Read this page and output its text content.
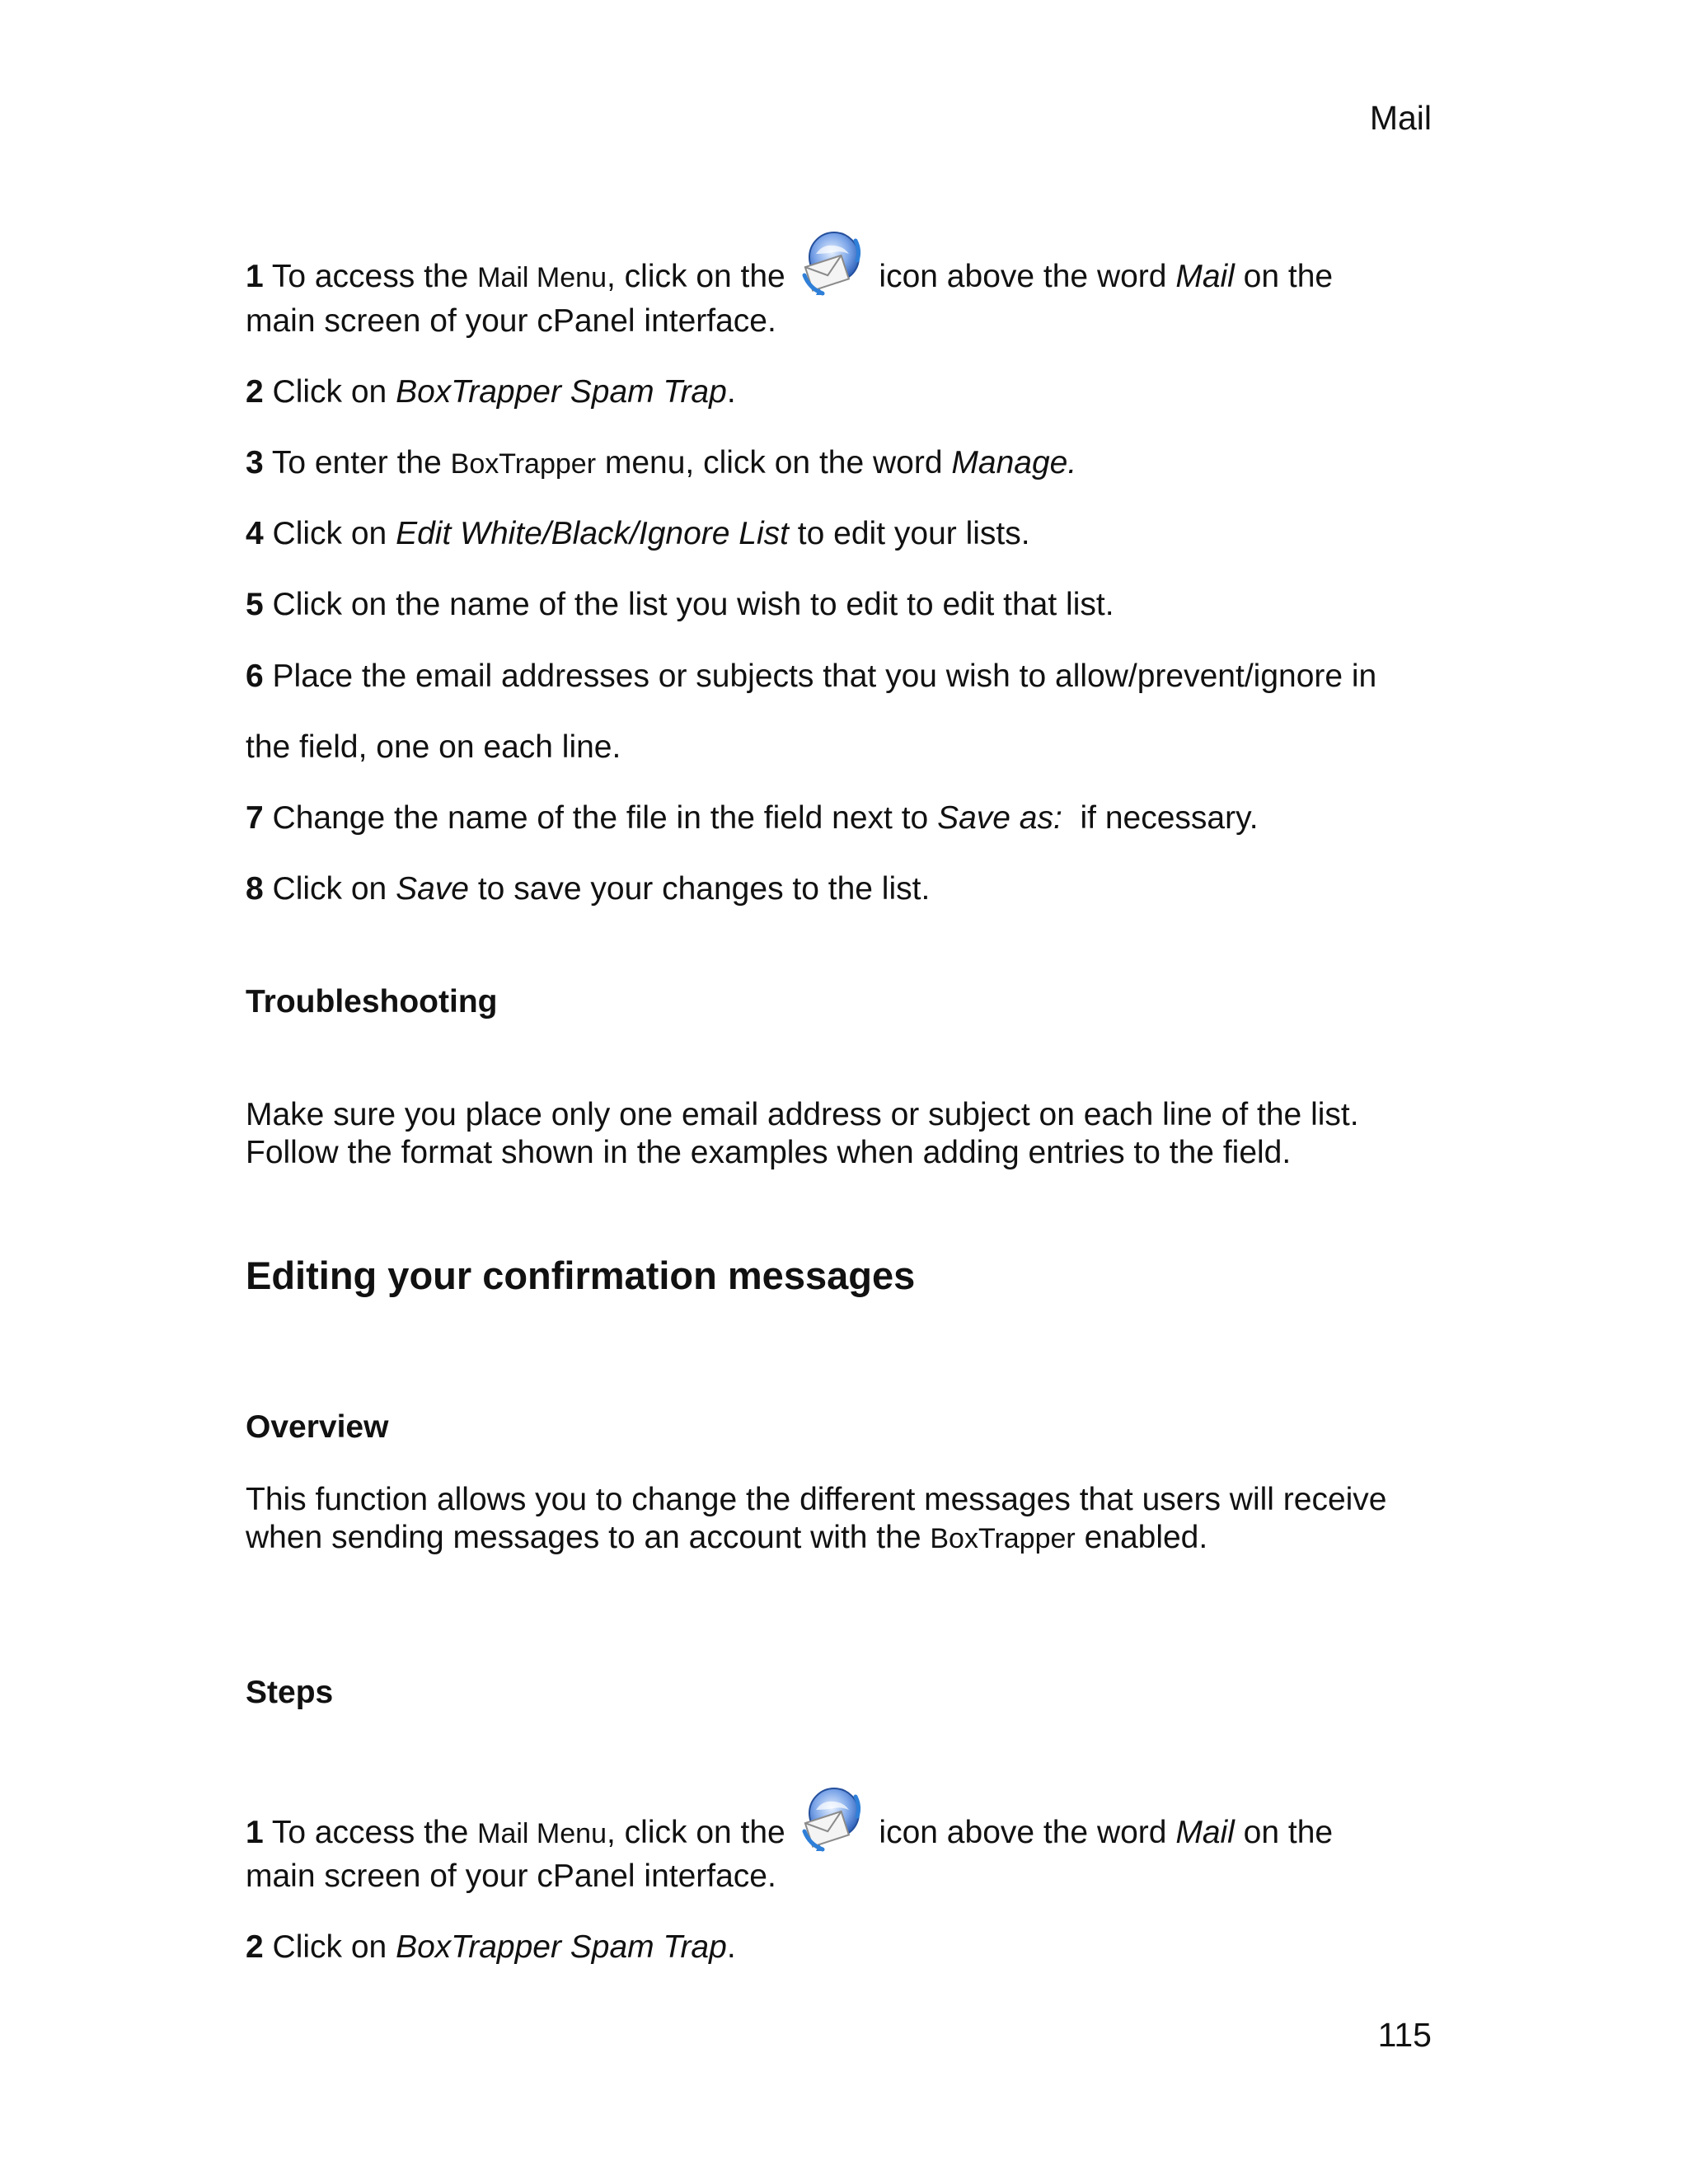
Mail
1 To access the Mail Menu, click on the
icon above the word Mail on the
main screen of your cPanel interface.
2 Click on BoxTrapper Spam Trap.
3 To enter the BoxTrapper menu, click on the word Manage.
4 Click on Edit White/Black/Ignore List to edit your lists.
5 Click on the name of the list you wish to edit to edit that list.
6 Place the email addresses or subjects that you wish to allow/prevent/ignore in
the field, one on each line.
7 Change the name of the file in the field next to Save as:  if necessary.
8 Click on Save to save your changes to the list.
Troubleshooting
Make sure you place only one email address or subject on each line of the list.
Follow the format shown in the examples when adding entries to the field.
Editing your confirmation messages
Overview
This function allows you to change the different messages that users will receive
when sending messages to an account with the BoxTrapper enabled.
Steps
1 To access the Mail Menu, click on the
icon above the word Mail on the
main screen of your cPanel interface.
2 Click on BoxTrapper Spam Trap.
115
